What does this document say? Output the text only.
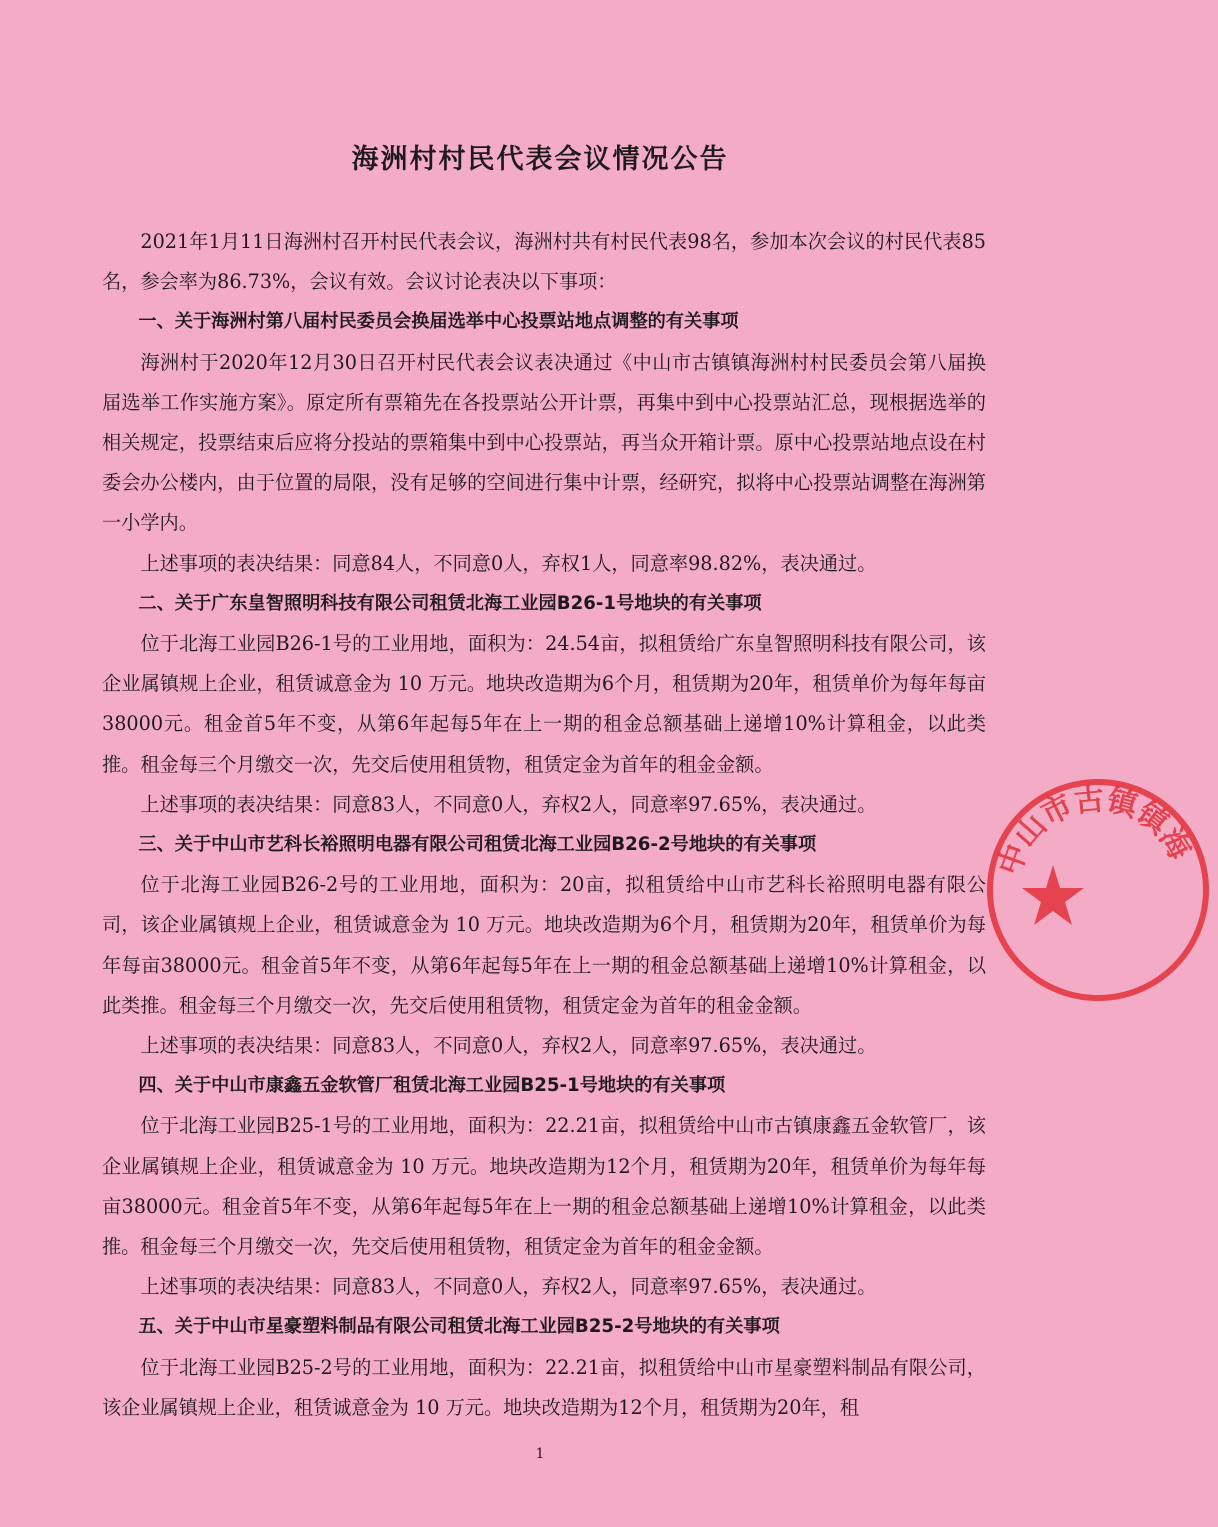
海洲村村民代表会议情况公告

2021年1月11日海洲村召开村民代表会议，海洲村共有村民代表98名，参加本次会议的村民代表85名，参会率为86.73%，会议有效。会议讨论表决以下事项：

一、关于海洲村第八届村民委员会换届选举中心投票站地点调整的有关事项

海洲村于2020年12月30日召开村民代表会议表决通过《中山市古镇镇海洲村村民委员会第八届换届选举工作实施方案》。原定所有票箱先在各投票站公开计票，再集中到中心投票站汇总，现根据选举的相关规定，投票结束后应将分投站的票箱集中到中心投票站，再当众开箱计票。原中心投票站地点设在村委会办公楼内，由于位置的局限，没有足够的空间进行集中计票，经研究，拟将中心投票站调整在海洲第一小学内。

上述事项的表决结果：同意84人，不同意0人，弃权1人，同意率98.82%，表决通过。

二、关于广东皇智照明科技有限公司租赁北海工业园B26-1号地块的有关事项

位于北海工业园B26-1号的工业用地，面积为：24.54亩，拟租赁给广东皇智照明科技有限公司，该企业属镇规上企业，租赁诚意金为 10 万元。地块改造期为6个月，租赁期为20年，租赁单价为每年每亩38000元。租金首5年不变，从第6年起每5年在上一期的租金总额基础上递增10%计算租金，以此类推。租金每三个月缴交一次，先交后使用租赁物，租赁定金为首年的租金金额。

上述事项的表决结果：同意83人，不同意0人，弃权2人，同意率97.65%，表决通过。

三、关于中山市艺科长裕照明电器有限公司租赁北海工业园B26-2号地块的有关事项

位于北海工业园B26-2号的工业用地，面积为：20亩，拟租赁给中山市艺科长裕照明电器有限公司，该企业属镇规上企业，租赁诚意金为 10 万元。地块改造期为6个月，租赁期为20年，租赁单价为每年每亩38000元。租金首5年不变，从第6年起每5年在上一期的租金总额基础上递增10%计算租金，以此类推。租金每三个月缴交一次，先交后使用租赁物，租赁定金为首年的租金金额。

上述事项的表决结果：同意83人，不同意0人，弃权2人，同意率97.65%，表决通过。

四、关于中山市康鑫五金软管厂租赁北海工业园B25-1号地块的有关事项

位于北海工业园B25-1号的工业用地，面积为：22.21亩，拟租赁给中山市古镇康鑫五金软管厂，该企业属镇规上企业，租赁诚意金为 10 万元。地块改造期为12个月，租赁期为20年，租赁单价为每年每亩38000元。租金首5年不变，从第6年起每5年在上一期的租金总额基础上递增10%计算租金，以此类推。租金每三个月缴交一次，先交后使用租赁物，租赁定金为首年的租金金额。

上述事项的表决结果：同意83人，不同意0人，弃权2人，同意率97.65%，表决通过。

五、关于中山市星豪塑料制品有限公司租赁北海工业园B25-2号地块的有关事项

位于北海工业园B25-2号的工业用地，面积为：22.21亩，拟租赁给中山市星豪塑料制品有限公司，该企业属镇规上企业，租赁诚意金为 10 万元。地块改造期为12个月，租赁期为20年，租

1
中山市古镇镇海
